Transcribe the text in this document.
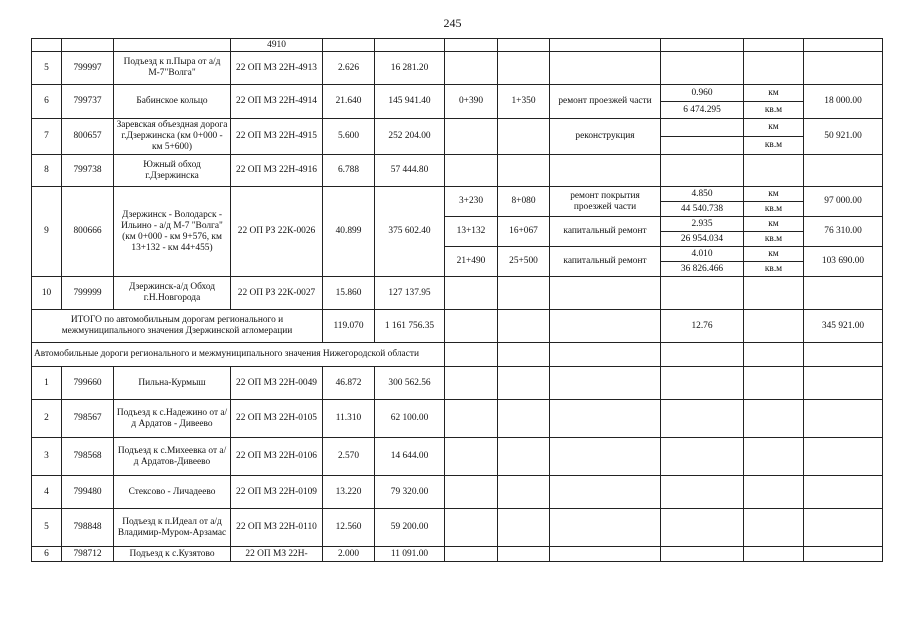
245
			4910								
5	799997	Подъезд к п.Пыра от а/д М-7"Волга"	22 ОП МЗ 22Н-4913	2.626	16 281.20						
6	799737	Бабинское кольцо	22 ОП МЗ 22Н-4914	21.640	145 941.40	0+390	1+350	ремонт проезжей части	0.960	км	18 000.00
									6 474.295	кв.м	
7	800657	Заревская объездная дорога г.Дзержинска (км 0+000 - км 5+600)	22 ОП МЗ 22Н-4915	5.600	252 204.00			реконструкция		км	50 921.00
										кв.м	
8	799738	Южный обход г.Дзержинска	22 ОП МЗ 22Н-4916	6.788	57 444.80						
9	800666	Дзержинск - Володарск - Ильино - а/д М-7 "Волга" (км 0+000 - км 9+576, км 13+132 - км 44+455)	22 ОП РЗ 22К-0026	40.899	375 602.40	3+230	8+080	ремонт покрытия проезжей части	4.850	км	97 000.00
									44 540.738	кв.м	
						13+132	16+067	капитальный ремонт	2.935	км	76 310.00
									26 954.034	кв.м	
						21+490	25+500	капитальный ремонт	4.010	км	103 690.00
									36 826.466	кв.м	
10	799999	Дзержинск-а/д Обход г.Н.Новгорода	22 ОП РЗ 22К-0027	15.860	127 137.95						
ИТОГО по автомобильным дорогам регионального и межмуниципального значения Дзержинской агломерации				119.070	1 161 756.35				12.76		345 921.00
Автомобильные дороги регионального и межмуниципального значения Нижегородской области											
1	799660	Пильна-Курмыш	22 ОП МЗ 22Н-0049	46.872	300 562.56						
2	798567	Подъезд к с.Надежино от а/д Ардатов - Дивеево	22 ОП МЗ 22Н-0105	11.310	62 100.00						
3	798568	Подъезд к с.Михеевка от а/д Ардатов-Дивеево	22 ОП МЗ 22Н-0106	2.570	14 644.00						
4	799480	Стексово - Личадеево	22 ОП МЗ 22Н-0109	13.220	79 320.00						
5	798848	Подъезд к п.Идеал от а/д Владимир-Муром-Арзамас	22 ОП МЗ 22Н-0110	12.560	59 200.00						
6	798712	Подъезд к с.Кузятово	22 ОП МЗ 22Н-	2.000	11 091.00						
